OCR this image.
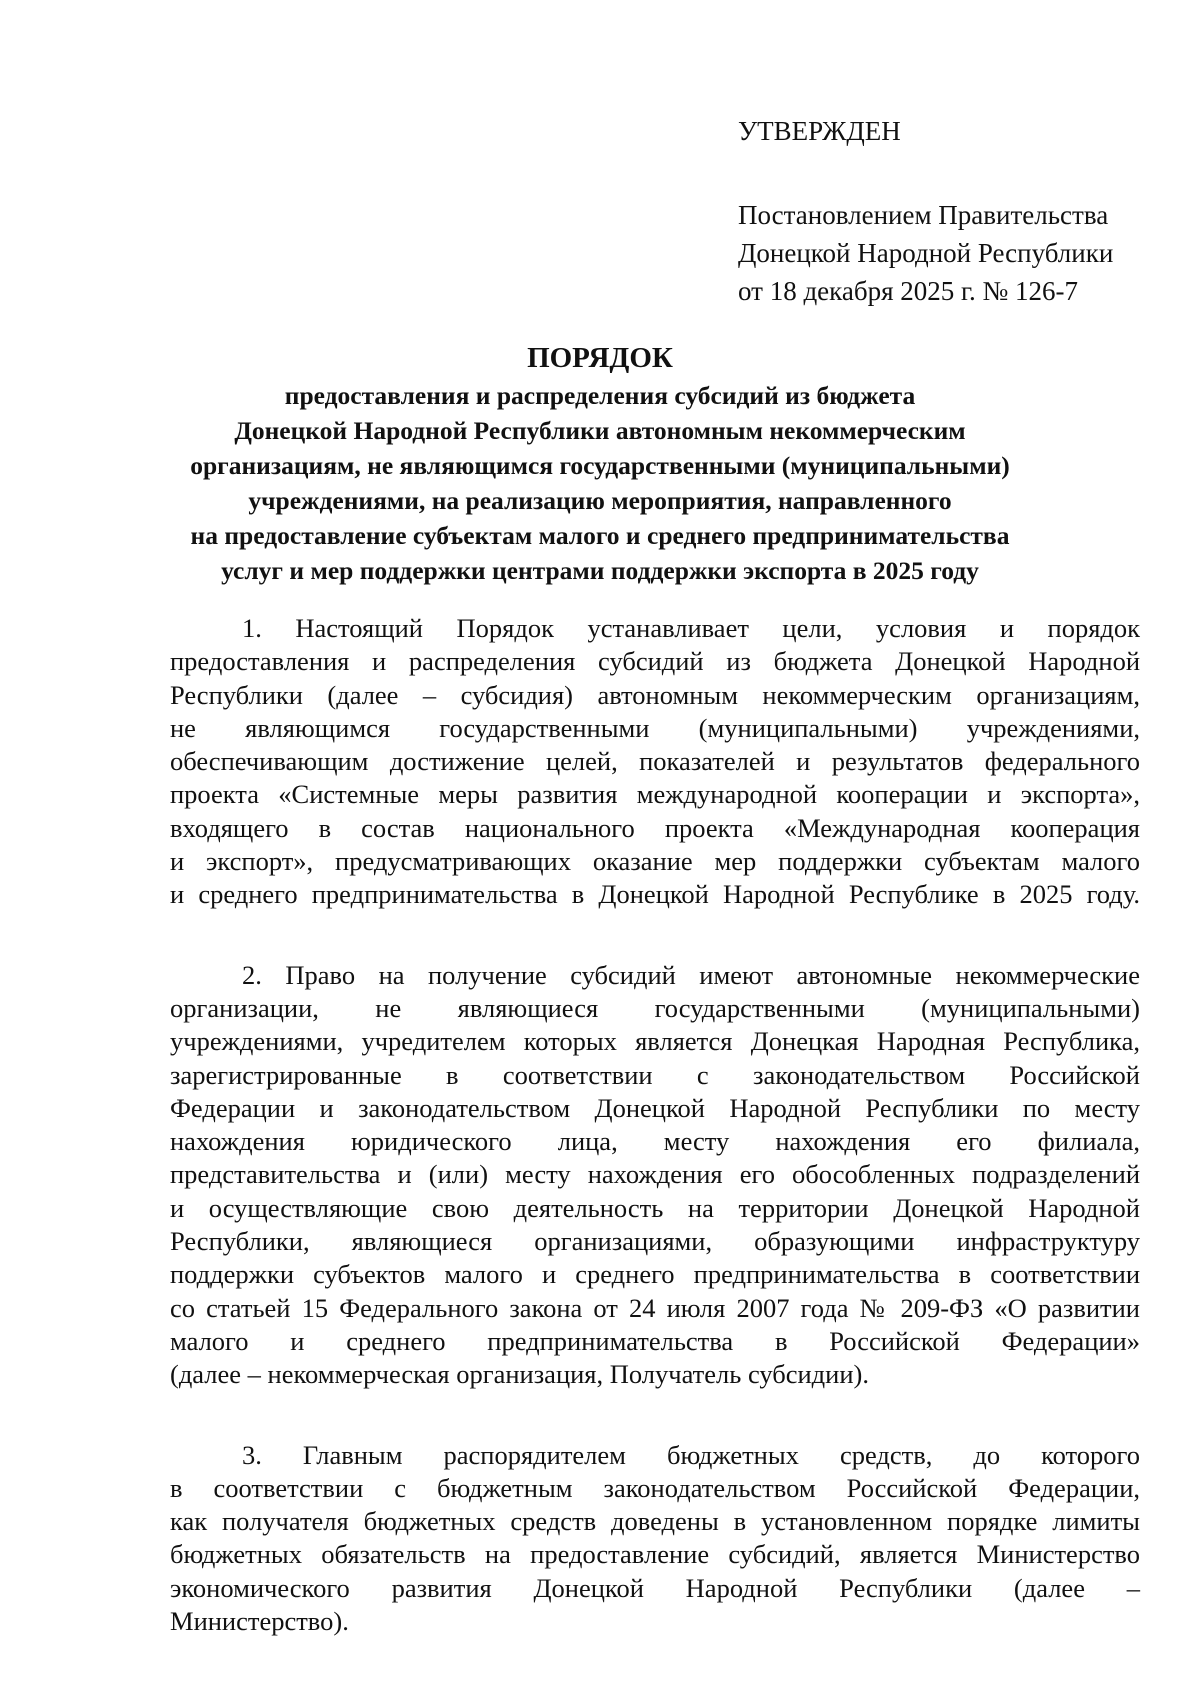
УТВЕРЖДЕН
Постановлением Правительства
Донецкой Народной Республики
от 18 декабря 2025 г. № 126-7
ПОРЯДОК
предоставления и распределения субсидий из бюджета
Донецкой Народной Республики автономным некоммерческим
организациям, не являющимся государственными (муниципальными)
учреждениями, на реализацию мероприятия, направленного
на предоставление субъектам малого и среднего предпринимательства
услуг и мер поддержки центрами поддержки экспорта в 2025 году
1. Настоящий Порядок устанавливает цели, условия и порядок
предоставления и распределения субсидий из бюджета Донецкой Народной
Республики (далее – субсидия) автономным некоммерческим организациям,
не являющимся государственными (муниципальными) учреждениями,
обеспечивающим достижение целей, показателей и результатов федерального
проекта «Системные меры развития международной кооперации и экспорта»,
входящего в состав национального проекта «Международная кооперация
и экспорт», предусматривающих оказание мер поддержки субъектам малого
и среднего предпринимательства в Донецкой Народной Республике в 2025 году.
2. Право на получение субсидий имеют автономные некоммерческие
организации, не являющиеся государственными (муниципальными)
учреждениями, учредителем которых является Донецкая Народная Республика,
зарегистрированные в соответствии с законодательством Российской
Федерации и законодательством Донецкой Народной Республики по месту
нахождения юридического лица, месту нахождения его филиала,
представительства и (или) месту нахождения его обособленных подразделений
и осуществляющие свою деятельность на территории Донецкой Народной
Республики, являющиеся организациями, образующими инфраструктуру
поддержки субъектов малого и среднего предпринимательства в соответствии
со статьей 15 Федерального закона от 24 июля 2007 года № 209-ФЗ «О развитии
малого и среднего предпринимательства в Российской Федерации»
(далее – некоммерческая организация, Получатель субсидии).
3. Главным распорядителем бюджетных средств, до которого
в соответствии с бюджетным законодательством Российской Федерации,
как получателя бюджетных средств доведены в установленном порядке лимиты
бюджетных обязательств на предоставление субсидий, является Министерство
экономического развития Донецкой Народной Республики (далее –
Министерство).
